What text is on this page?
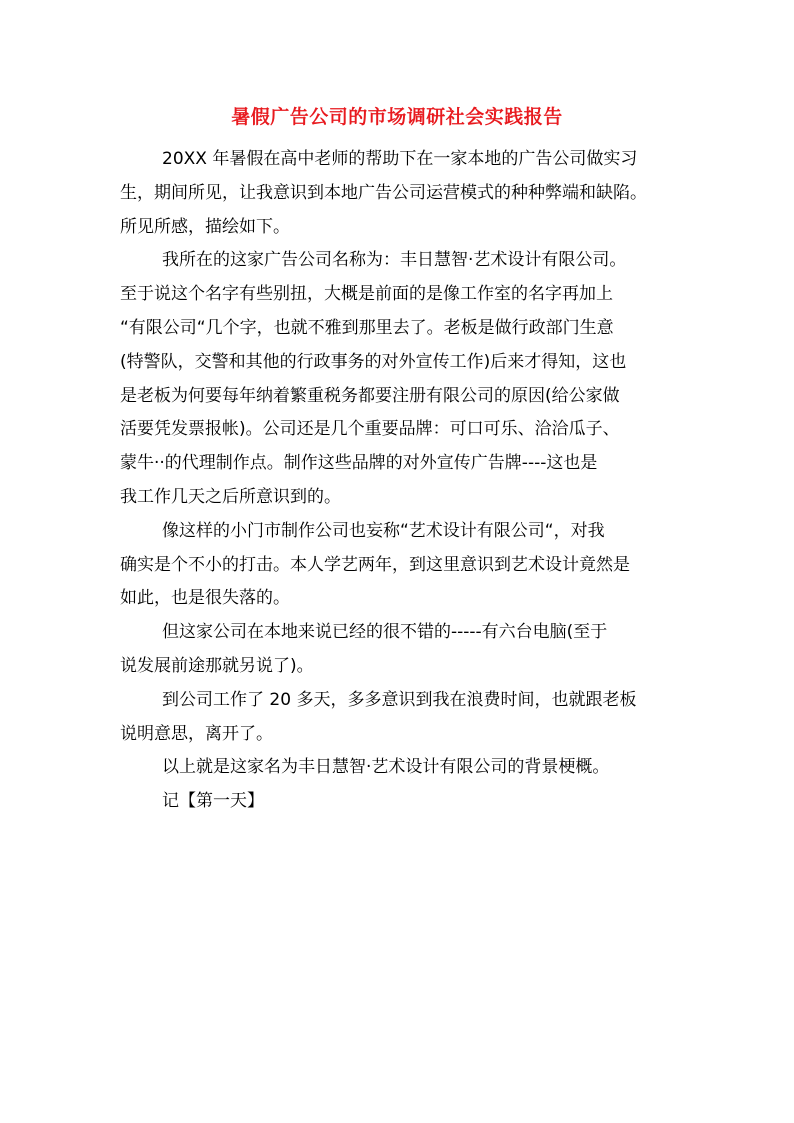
暑假广告公司的市场调研社会实践报告
20XX 年暑假在高中老师的帮助下在一家本地的广告公司做实习
生，期间所见，让我意识到本地广告公司运营模式的种种弊端和缺陷。
所见所感，描绘如下。
我所在的这家广告公司名称为：丰日慧智·艺术设计有限公司。
至于说这个名字有些别扭，大概是前面的是像工作室的名字再加上
“有限公司“几个字，也就不雅到那里去了。老板是做行政部门生意
(特警队，交警和其他的行政事务的对外宣传工作)后来才得知，这也
是老板为何要每年纳着繁重税务都要注册有限公司的原因(给公家做
活要凭发票报帐)。公司还是几个重要品牌：可口可乐、洽洽瓜子、
蒙牛··的代理制作点。制作这些品牌的对外宣传广告牌----这也是
我工作几天之后所意识到的。
像这样的小门市制作公司也妄称“艺术设计有限公司“，对我
确实是个不小的打击。本人学艺两年，到这里意识到艺术设计竟然是
如此，也是很失落的。
但这家公司在本地来说已经的很不错的-----有六台电脑(至于
说发展前途那就另说了)。
到公司工作了 20 多天，多多意识到我在浪费时间，也就跟老板
说明意思，离开了。
以上就是这家名为丰日慧智·艺术设计有限公司的背景梗概。
记【第一天】
